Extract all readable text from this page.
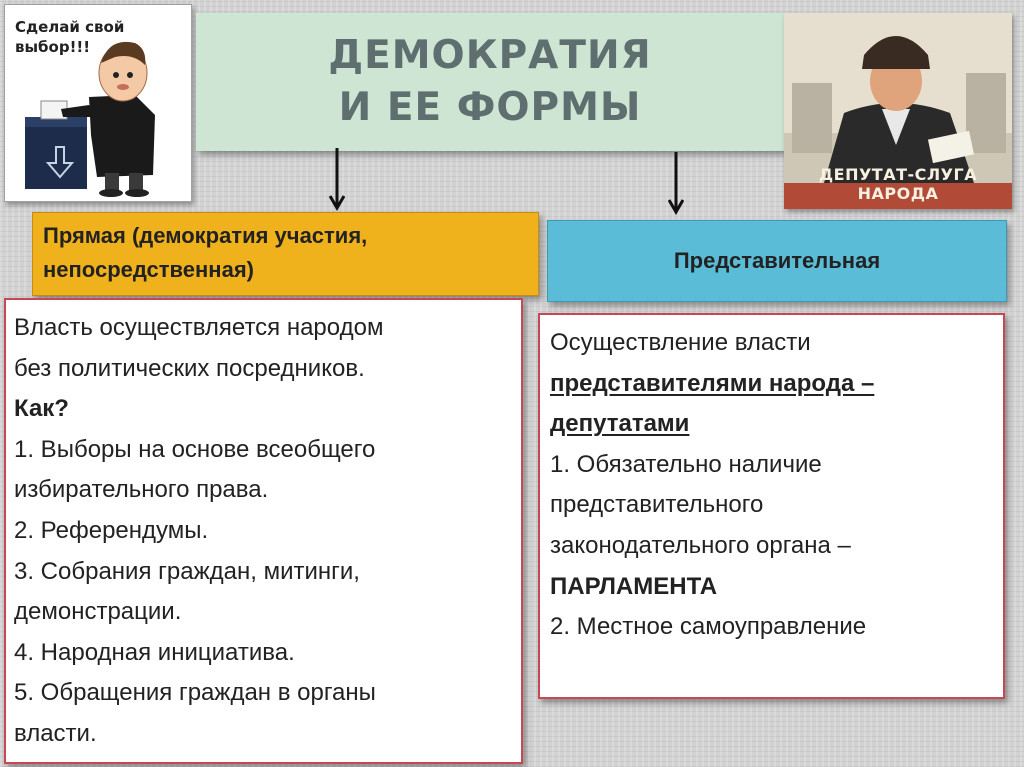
Сделай свой
выбор!!!	ДЕМОКРАТИЯ
И ЕЕ ФОРМЫ
ДЕПУТАТ-СЛУГА НАРОДА
Прямая (демократия участия,
непосредственная)	Представительная
Власть осуществляется народом
без политических посредников.
Как?
1. Выборы на основе всеобщего
избирательного права.
2. Референдумы.
3. Собрания граждан, митинги,
демонстрации.
4. Народная инициатива.
5. Обращения граждан в органы
власти.
Осуществление власти
представителями народа –
депутатами
1. Обязательно наличие
представительного
законодательного органа –
ПАРЛАМЕНТА
2. Местное самоуправление
